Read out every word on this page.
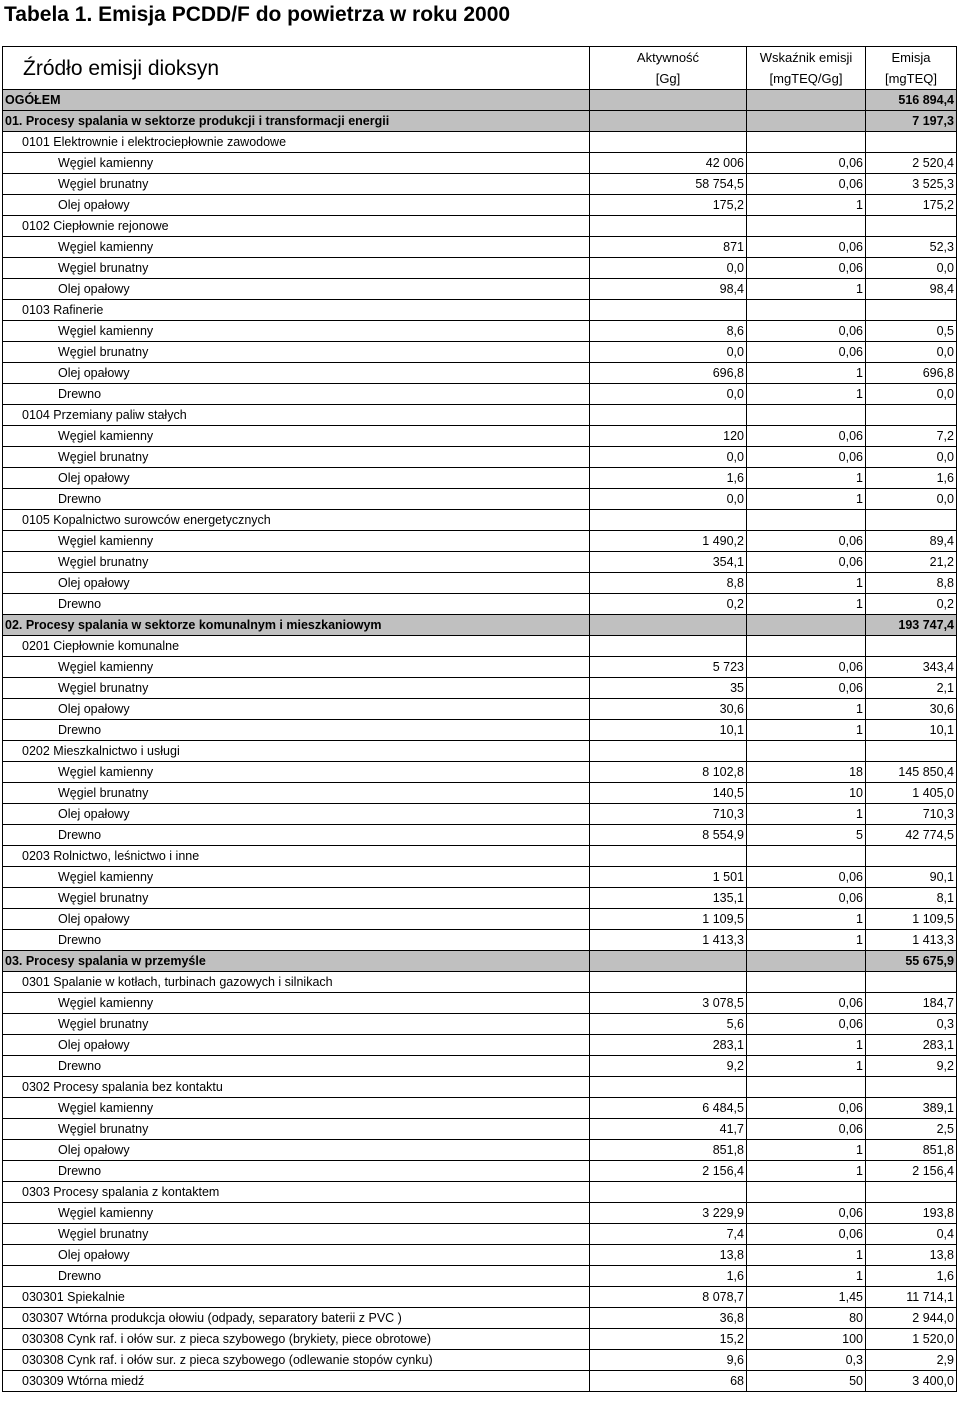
Tabela 1. Emisja PCDD/F do powietrza w roku 2000
Źródło emisji dioksyn	Aktywność	Wskaźnik emisji	Emisja
	[Gg]	[mgTEQ/Gg]	[mgTEQ]
OGÓŁEM			516 894,4
01. Procesy spalania w sektorze produkcji i transformacji energii			7 197,3
0101 Elektrownie i elektrociepłownie zawodowe			
Węgiel kamienny	42 006	0,06	2 520,4
Węgiel brunatny	58 754,5	0,06	3 525,3
Olej opałowy	175,2	1	175,2
0102 Ciepłownie rejonowe			
Węgiel kamienny	871	0,06	52,3
Węgiel brunatny	0,0	0,06	0,0
Olej opałowy	98,4	1	98,4
0103 Rafinerie			
Węgiel kamienny	8,6	0,06	0,5
Węgiel brunatny	0,0	0,06	0,0
Olej opałowy	696,8	1	696,8
Drewno	0,0	1	0,0
0104 Przemiany paliw stałych			
Węgiel kamienny	120	0,06	7,2
Węgiel brunatny	0,0	0,06	0,0
Olej opałowy	1,6	1	1,6
Drewno	0,0	1	0,0
0105 Kopalnictwo surowców energetycznych			
Węgiel kamienny	1 490,2	0,06	89,4
Węgiel brunatny	354,1	0,06	21,2
Olej opałowy	8,8	1	8,8
Drewno	0,2	1	0,2
02. Procesy spalania w sektorze komunalnym i mieszkaniowym			193 747,4
0201 Ciepłownie komunalne			
Węgiel kamienny	5 723	0,06	343,4
Węgiel brunatny	35	0,06	2,1
Olej opałowy	30,6	1	30,6
Drewno	10,1	1	10,1
0202 Mieszkalnictwo i usługi			
Węgiel kamienny	8 102,8	18	145 850,4
Węgiel brunatny	140,5	10	1 405,0
Olej opałowy	710,3	1	710,3
Drewno	8 554,9	5	42 774,5
0203 Rolnictwo, leśnictwo i inne			
Węgiel kamienny	1 501	0,06	90,1
Węgiel brunatny	135,1	0,06	8,1
Olej opałowy	1 109,5	1	1 109,5
Drewno	1 413,3	1	1 413,3
03. Procesy spalania w przemyśle			55 675,9
0301 Spalanie w kotłach, turbinach gazowych i silnikach			
Węgiel kamienny	3 078,5	0,06	184,7
Węgiel brunatny	5,6	0,06	0,3
Olej opałowy	283,1	1	283,1
Drewno	9,2	1	9,2
0302 Procesy spalania bez kontaktu			
Węgiel kamienny	6 484,5	0,06	389,1
Węgiel brunatny	41,7	0,06	2,5
Olej opałowy	851,8	1	851,8
Drewno	2 156,4	1	2 156,4
0303 Procesy spalania z kontaktem			
Węgiel kamienny	3 229,9	0,06	193,8
Węgiel brunatny	7,4	0,06	0,4
Olej opałowy	13,8	1	13,8
Drewno	1,6	1	1,6
030301 Spiekalnie	8 078,7	1,45	11 714,1
030307 Wtórna produkcja ołowiu (odpady, separatory baterii z PVC )	36,8	80	2 944,0
030308 Cynk raf. i ołów sur. z pieca szybowego (brykiety, piece obrotowe)	15,2	100	1 520,0
030308 Cynk raf. i ołów sur. z pieca szybowego (odlewanie stopów cynku)	9,6	0,3	2,9
030309 Wtórna miedź	68	50	3 400,0
